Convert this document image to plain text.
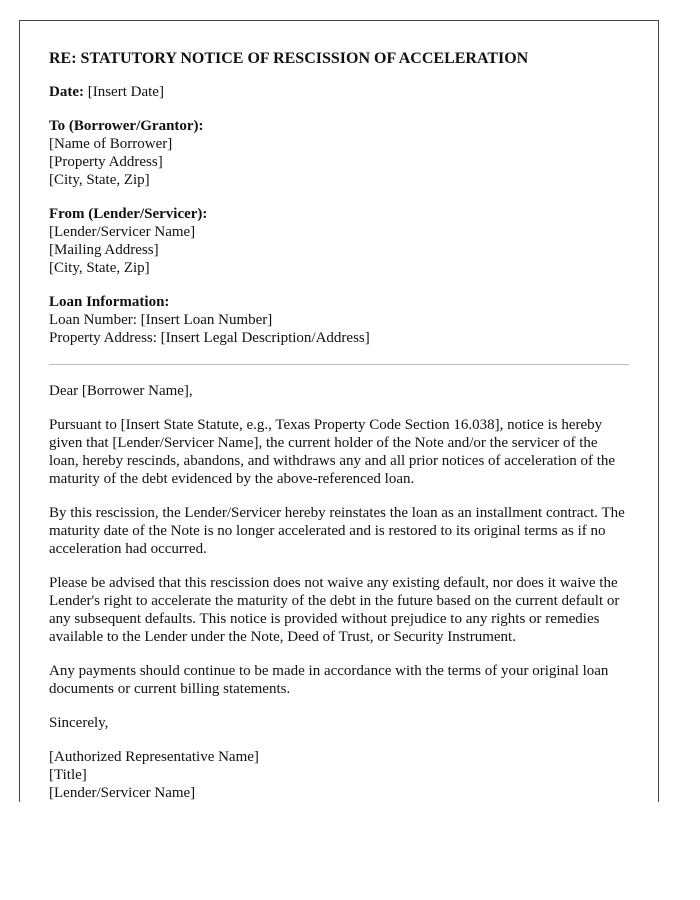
RE: STATUTORY NOTICE OF RESCISSION OF ACCELERATION

Date: [Insert Date]

To (Borrower/Grantor):
[Name of Borrower]
[Property Address]
[City, State, Zip]

From (Lender/Servicer):
[Lender/Servicer Name]
[Mailing Address]
[City, State, Zip]

Loan Information:
Loan Number: [Insert Loan Number]
Property Address: [Insert Legal Description/Address]

Dear [Borrower Name],

Pursuant to [Insert State Statute, e.g., Texas Property Code Section 16.038], notice is hereby given that [Lender/Servicer Name], the current holder of the Note and/or the servicer of the loan, hereby rescinds, abandons, and withdraws any and all prior notices of acceleration of the maturity of the debt evidenced by the above-referenced loan.

By this rescission, the Lender/Servicer hereby reinstates the loan as an installment contract. The maturity date of the Note is no longer accelerated and is restored to its original terms as if no acceleration had occurred.

Please be advised that this rescission does not waive any existing default, nor does it waive the Lender's right to accelerate the maturity of the debt in the future based on the current default or any subsequent defaults. This notice is provided without prejudice to any rights or remedies available to the Lender under the Note, Deed of Trust, or Security Instrument.

Any payments should continue to be made in accordance with the terms of your original loan documents or current billing statements.

Sincerely,

[Authorized Representative Name]
[Title]
[Lender/Servicer Name]
